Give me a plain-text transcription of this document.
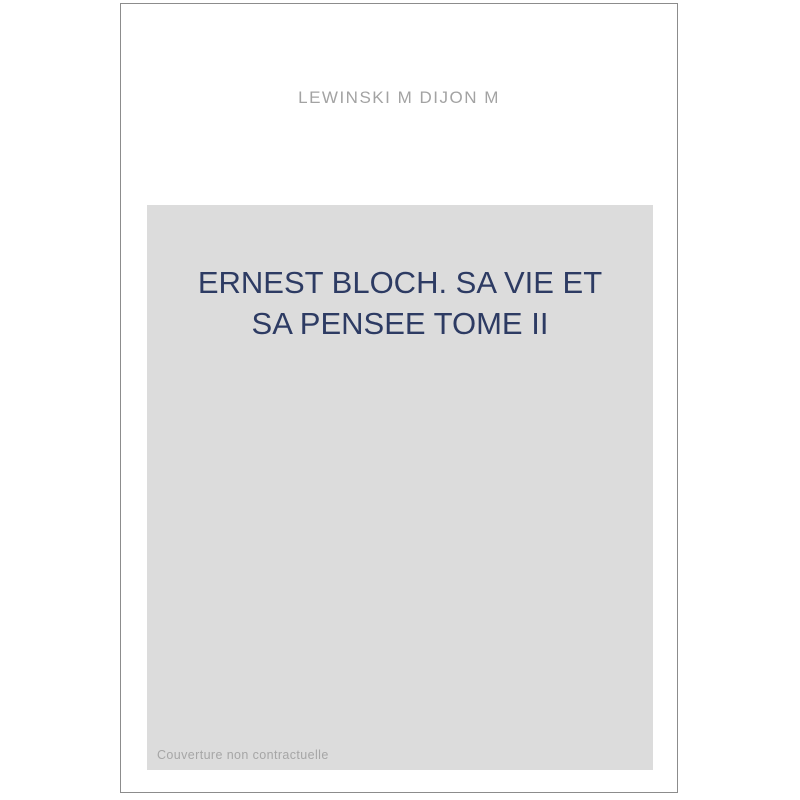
LEWINSKI M DIJON M
ERNEST BLOCH. SA VIE ET SA PENSEE TOME II
Couverture non contractuelle
